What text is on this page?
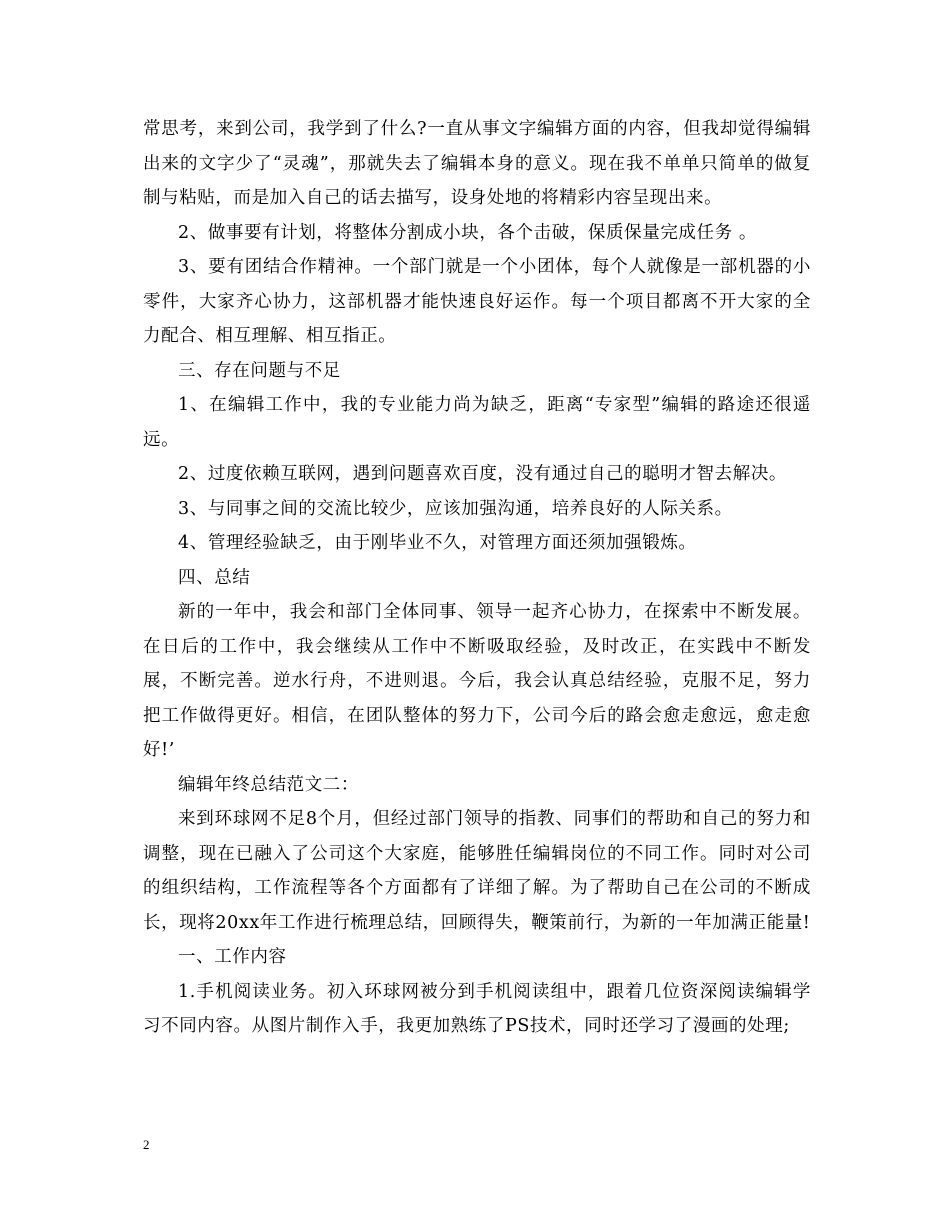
常思考，来到公司，我学到了什么?一直从事文字编辑方面的内容，但我却觉得编辑出来的文字少了“灵魂”，那就失去了编辑本身的意义。现在我不单单只简单的做复制与粘贴，而是加入自己的话去描写，设身处地的将精彩内容呈现出来。

2、做事要有计划，将整体分割成小块，各个击破，保质保量完成任务 。

3、要有团结合作精神。一个部门就是一个小团体，每个人就像是一部机器的小零件，大家齐心协力，这部机器才能快速良好运作。每一个项目都离不开大家的全力配合、相互理解、相互指正。

三、存在问题与不足

1、在编辑工作中，我的专业能力尚为缺乏，距离“专家型”编辑的路途还很遥远。

2、过度依赖互联网，遇到问题喜欢百度，没有通过自己的聪明才智去解决。

3、与同事之间的交流比较少，应该加强沟通，培养良好的人际关系。

4、管理经验缺乏，由于刚毕业不久，对管理方面还须加强锻炼。

四、总结

新的一年中，我会和部门全体同事、领导一起齐心协力，在探索中不断发展。在日后的工作中，我会继续从工作中不断吸取经验，及时改正，在实践中不断发展，不断完善。逆水行舟，不进则退。今后，我会认真总结经验，克服不足，努力把工作做得更好。相信，在团队整体的努力下，公司今后的路会愈走愈远，愈走愈好!’

编辑年终总结范文二：

来到环球网不足8个月，但经过部门领导的指教、同事们的帮助和自己的努力和调整，现在已融入了公司这个大家庭，能够胜任编辑岗位的不同工作。同时对公司的组织结构，工作流程等各个方面都有了详细了解。为了帮助自己在公司的不断成长，现将20xx年工作进行梳理总结，回顾得失，鞭策前行，为新的一年加满正能量!

一、工作内容

1.手机阅读业务。初入环球网被分到手机阅读组中，跟着几位资深阅读编辑学习不同内容。从图片制作入手，我更加熟练了PS技术，同时还学习了漫画的处理;

2
